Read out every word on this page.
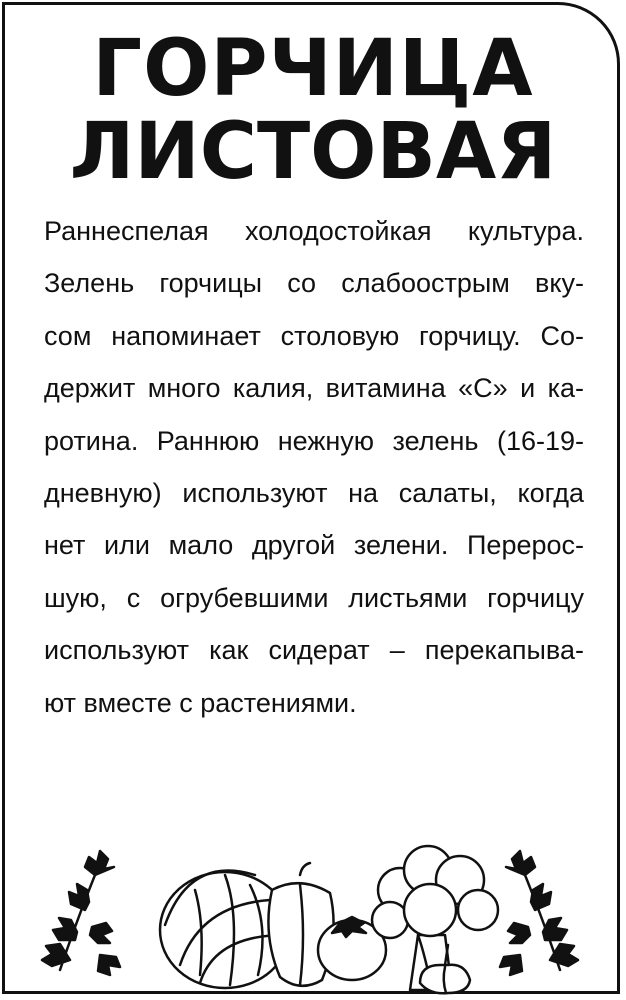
ГОРЧИЦА
ЛИСТОВАЯ
Раннеспелая холодостойкая культура.
Зелень горчицы со слабоострым вку-
сом напоминает столовую горчицу. Со-
держит много калия, витамина «С» и ка-
ротина. Раннюю нежную зелень (16-19-
дневную) используют на салаты, когда
нет или мало другой зелени. Перерос-
шую, с огрубевшими листьями горчицу
используют как сидерат – перекапыва-
ют вместе с растениями.
